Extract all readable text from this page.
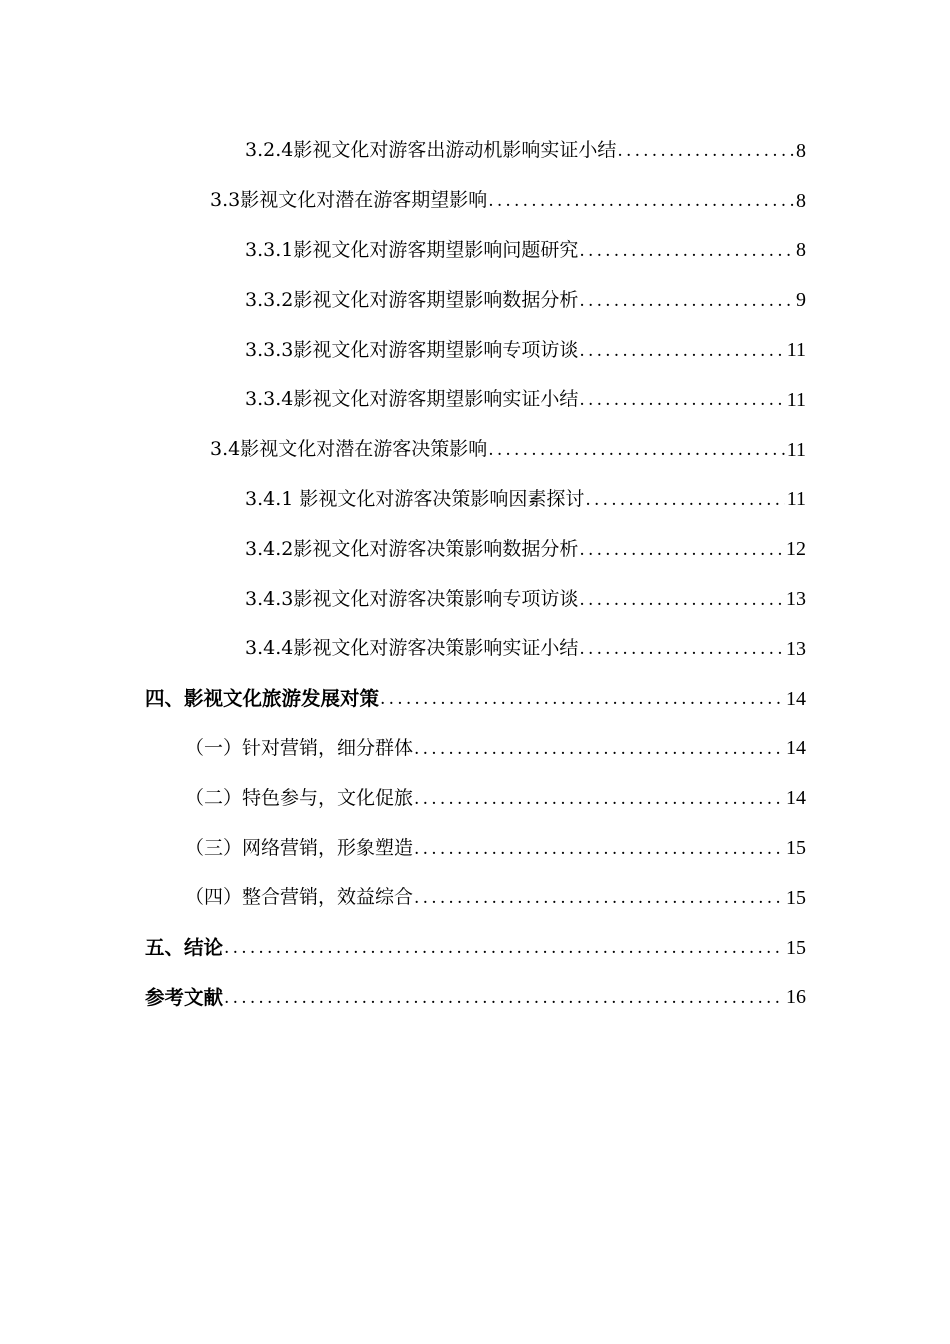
3.2.4影视文化对游客出游动机影响实证小结 .....	8
3.3影视文化对潜在游客期望影响 .....	8
3.3.1影视文化对游客期望影响问题研究 .....	8
3.3.2影视文化对游客期望影响数据分析 .....	9
3.3.3影视文化对游客期望影响专项访谈 .....	11
3.3.4影视文化对游客期望影响实证小结 .....	11
3.4影视文化对潜在游客决策影响 .....	11
3.4.1 影视文化对游客决策影响因素探讨 .....	11
3.4.2影视文化对游客决策影响数据分析 .....	12
3.4.3影视文化对游客决策影响专项访谈 .....	13
3.4.4影视文化对游客决策影响实证小结 .....	13
四、影视文化旅游发展对策 .....	14
（一）针对营销，细分群体 .....	14
（二）特色参与，文化促旅 .....	14
（三）网络营销，形象塑造 .....	15
（四）整合营销，效益综合 .....	15
五、结论 .....	15
参考文献 .....	16
